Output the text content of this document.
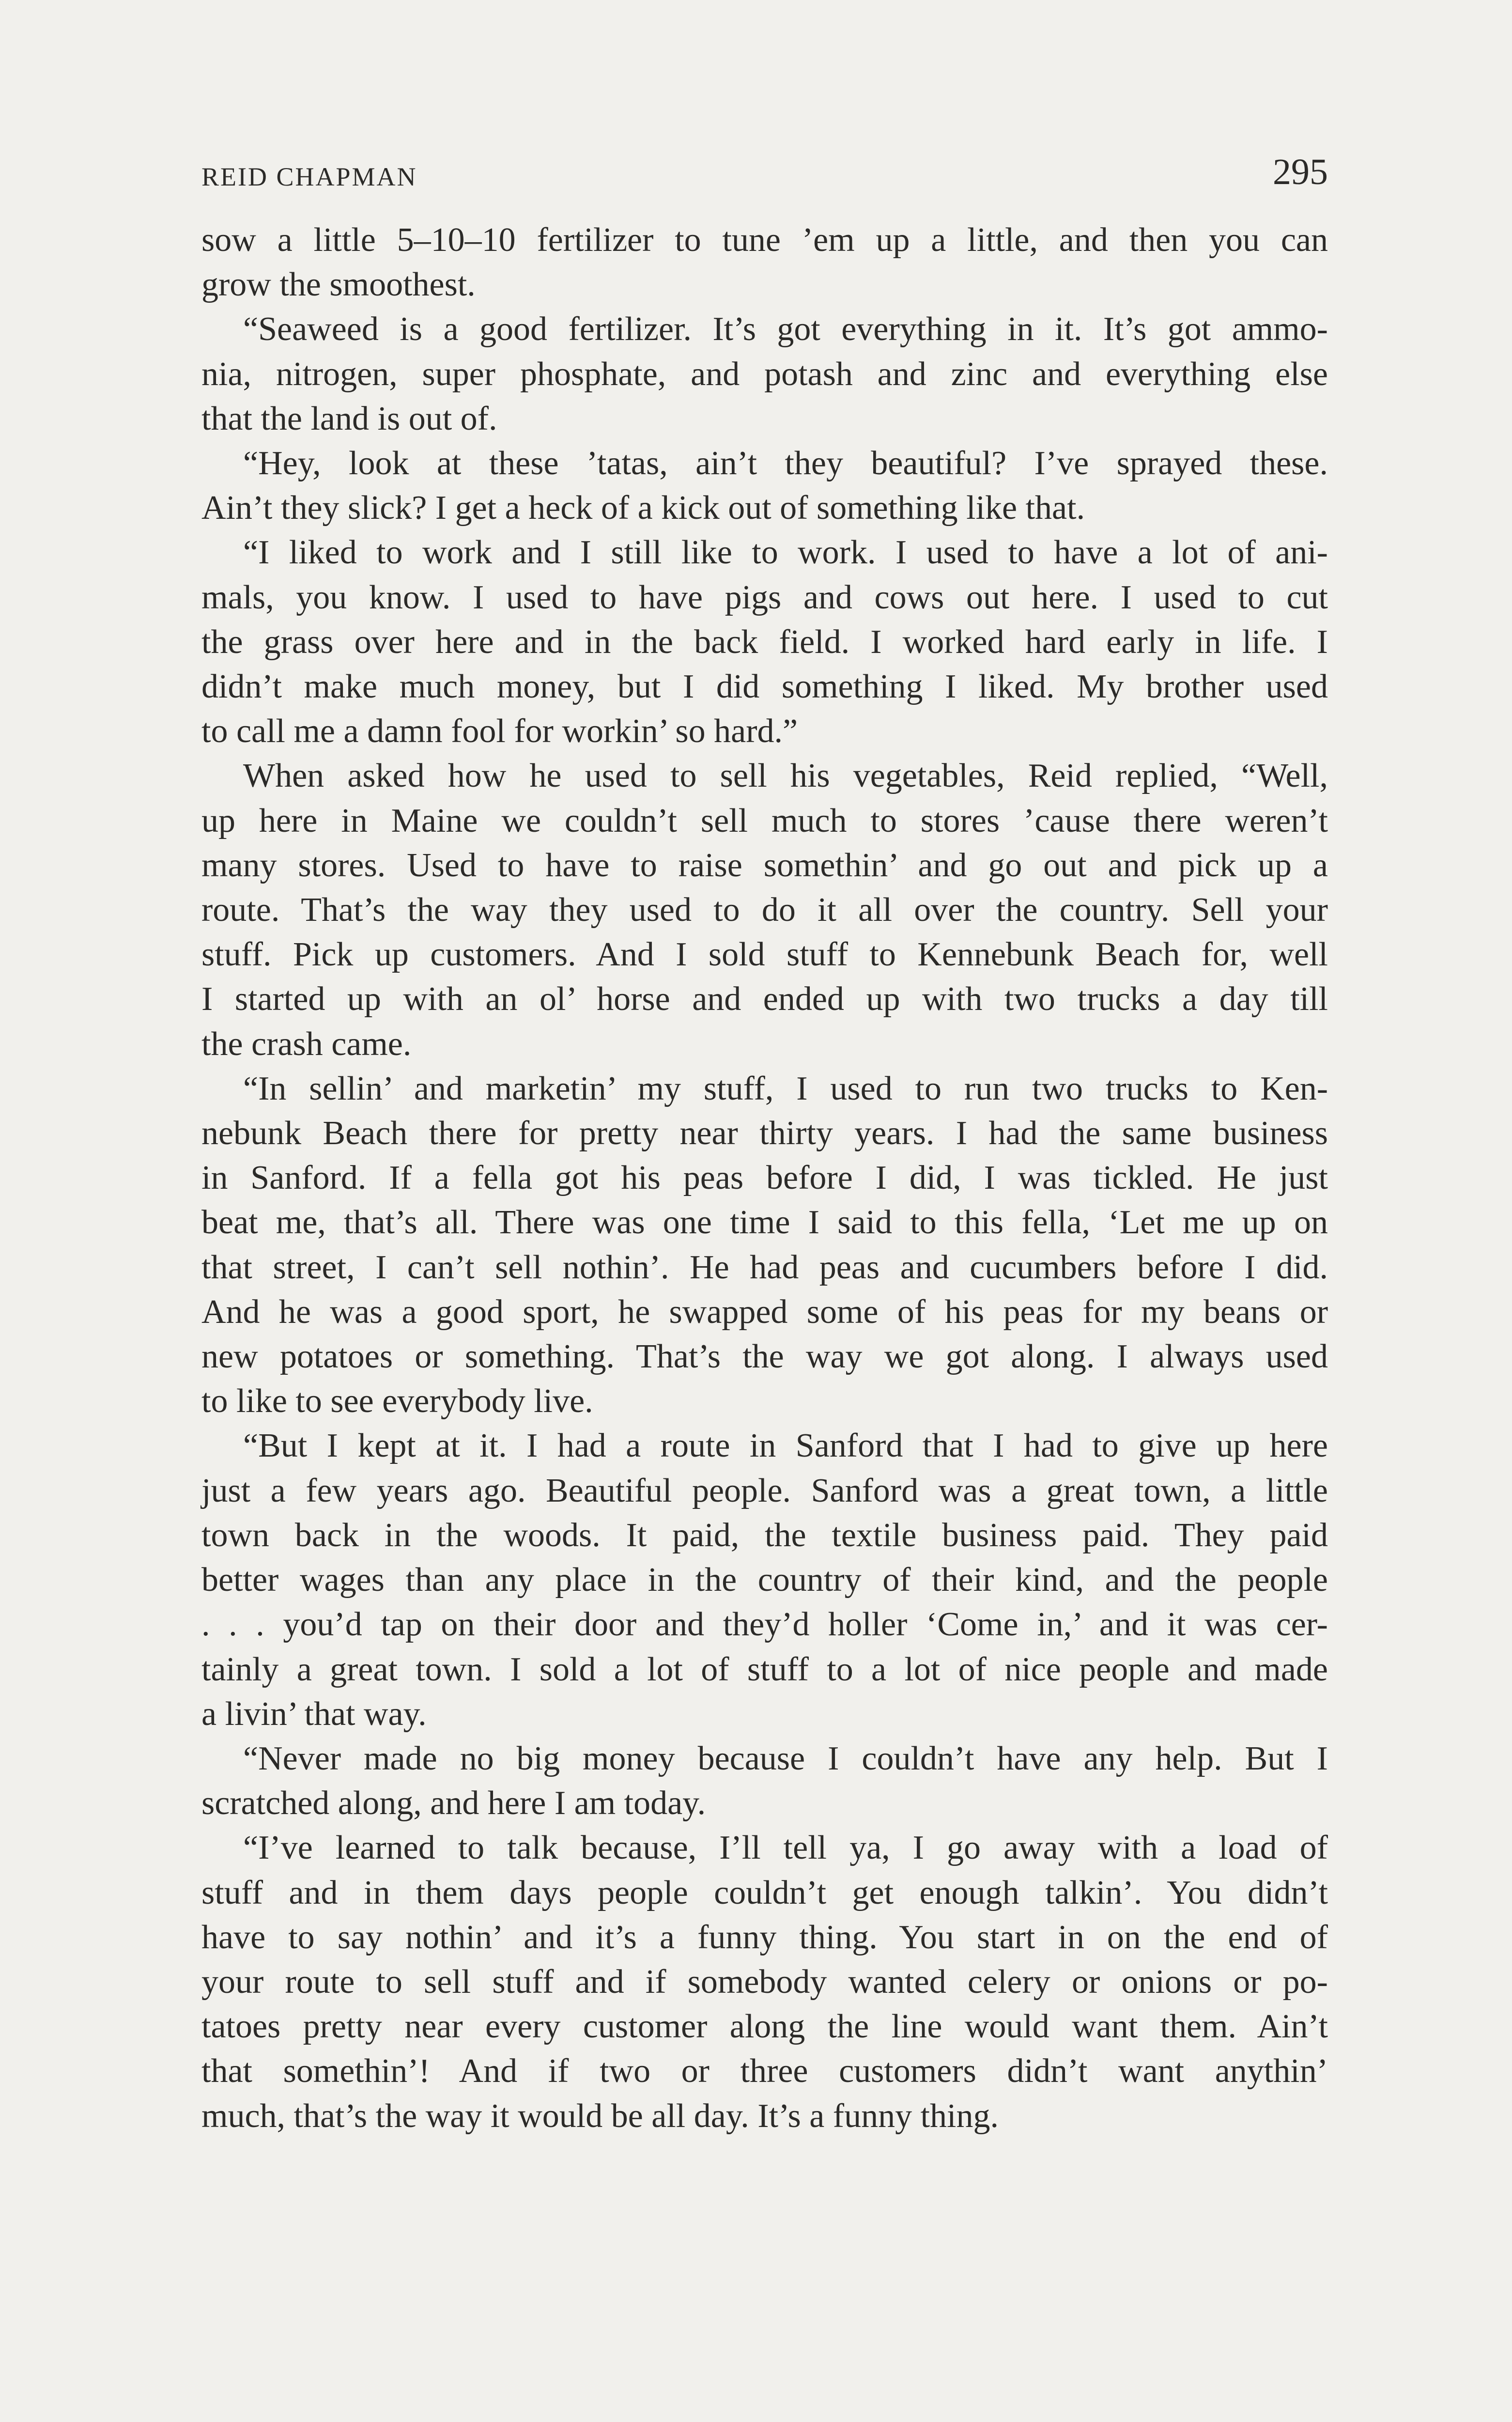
REID CHAPMAN	295
sow a little 5–10–10 fertilizer to tune ’em up a little, and then you can
grow the smoothest.
“Seaweed is a good fertilizer. It’s got everything in it. It’s got ammo-
nia, nitrogen, super phosphate, and potash and zinc and everything else
that the land is out of.
“Hey, look at these ’tatas, ain’t they beautiful? I’ve sprayed these.
Ain’t they slick? I get a heck of a kick out of something like that.
“I liked to work and I still like to work. I used to have a lot of ani-
mals, you know. I used to have pigs and cows out here. I used to cut
the grass over here and in the back field. I worked hard early in life. I
didn’t make much money, but I did something I liked. My brother used
to call me a damn fool for workin’ so hard.”
When asked how he used to sell his vegetables, Reid replied, “Well,
up here in Maine we couldn’t sell much to stores ’cause there weren’t
many stores. Used to have to raise somethin’ and go out and pick up a
route. That’s the way they used to do it all over the country. Sell your
stuff. Pick up customers. And I sold stuff to Kennebunk Beach for, well
I started up with an ol’ horse and ended up with two trucks a day till
the crash came.
“In sellin’ and marketin’ my stuff, I used to run two trucks to Ken-
nebunk Beach there for pretty near thirty years. I had the same business
in Sanford. If a fella got his peas before I did, I was tickled. He just
beat me, that’s all. There was one time I said to this fella, ‘Let me up on
that street, I can’t sell nothin’. He had peas and cucumbers before I did.
And he was a good sport, he swapped some of his peas for my beans or
new potatoes or something. That’s the way we got along. I always used
to like to see everybody live.
“But I kept at it. I had a route in Sanford that I had to give up here
just a few years ago. Beautiful people. Sanford was a great town, a little
town back in the woods. It paid, the textile business paid. They paid
better wages than any place in the country of their kind, and the people
. . . you’d tap on their door and they’d holler ‘Come in,’ and it was cer-
tainly a great town. I sold a lot of stuff to a lot of nice people and made
a livin’ that way.
“Never made no big money because I couldn’t have any help. But I
scratched along, and here I am today.
“I’ve learned to talk because, I’ll tell ya, I go away with a load of
stuff and in them days people couldn’t get enough talkin’. You didn’t
have to say nothin’ and it’s a funny thing. You start in on the end of
your route to sell stuff and if somebody wanted celery or onions or po-
tatoes pretty near every customer along the line would want them. Ain’t
that somethin’! And if two or three customers didn’t want anythin’
much, that’s the way it would be all day. It’s a funny thing.
